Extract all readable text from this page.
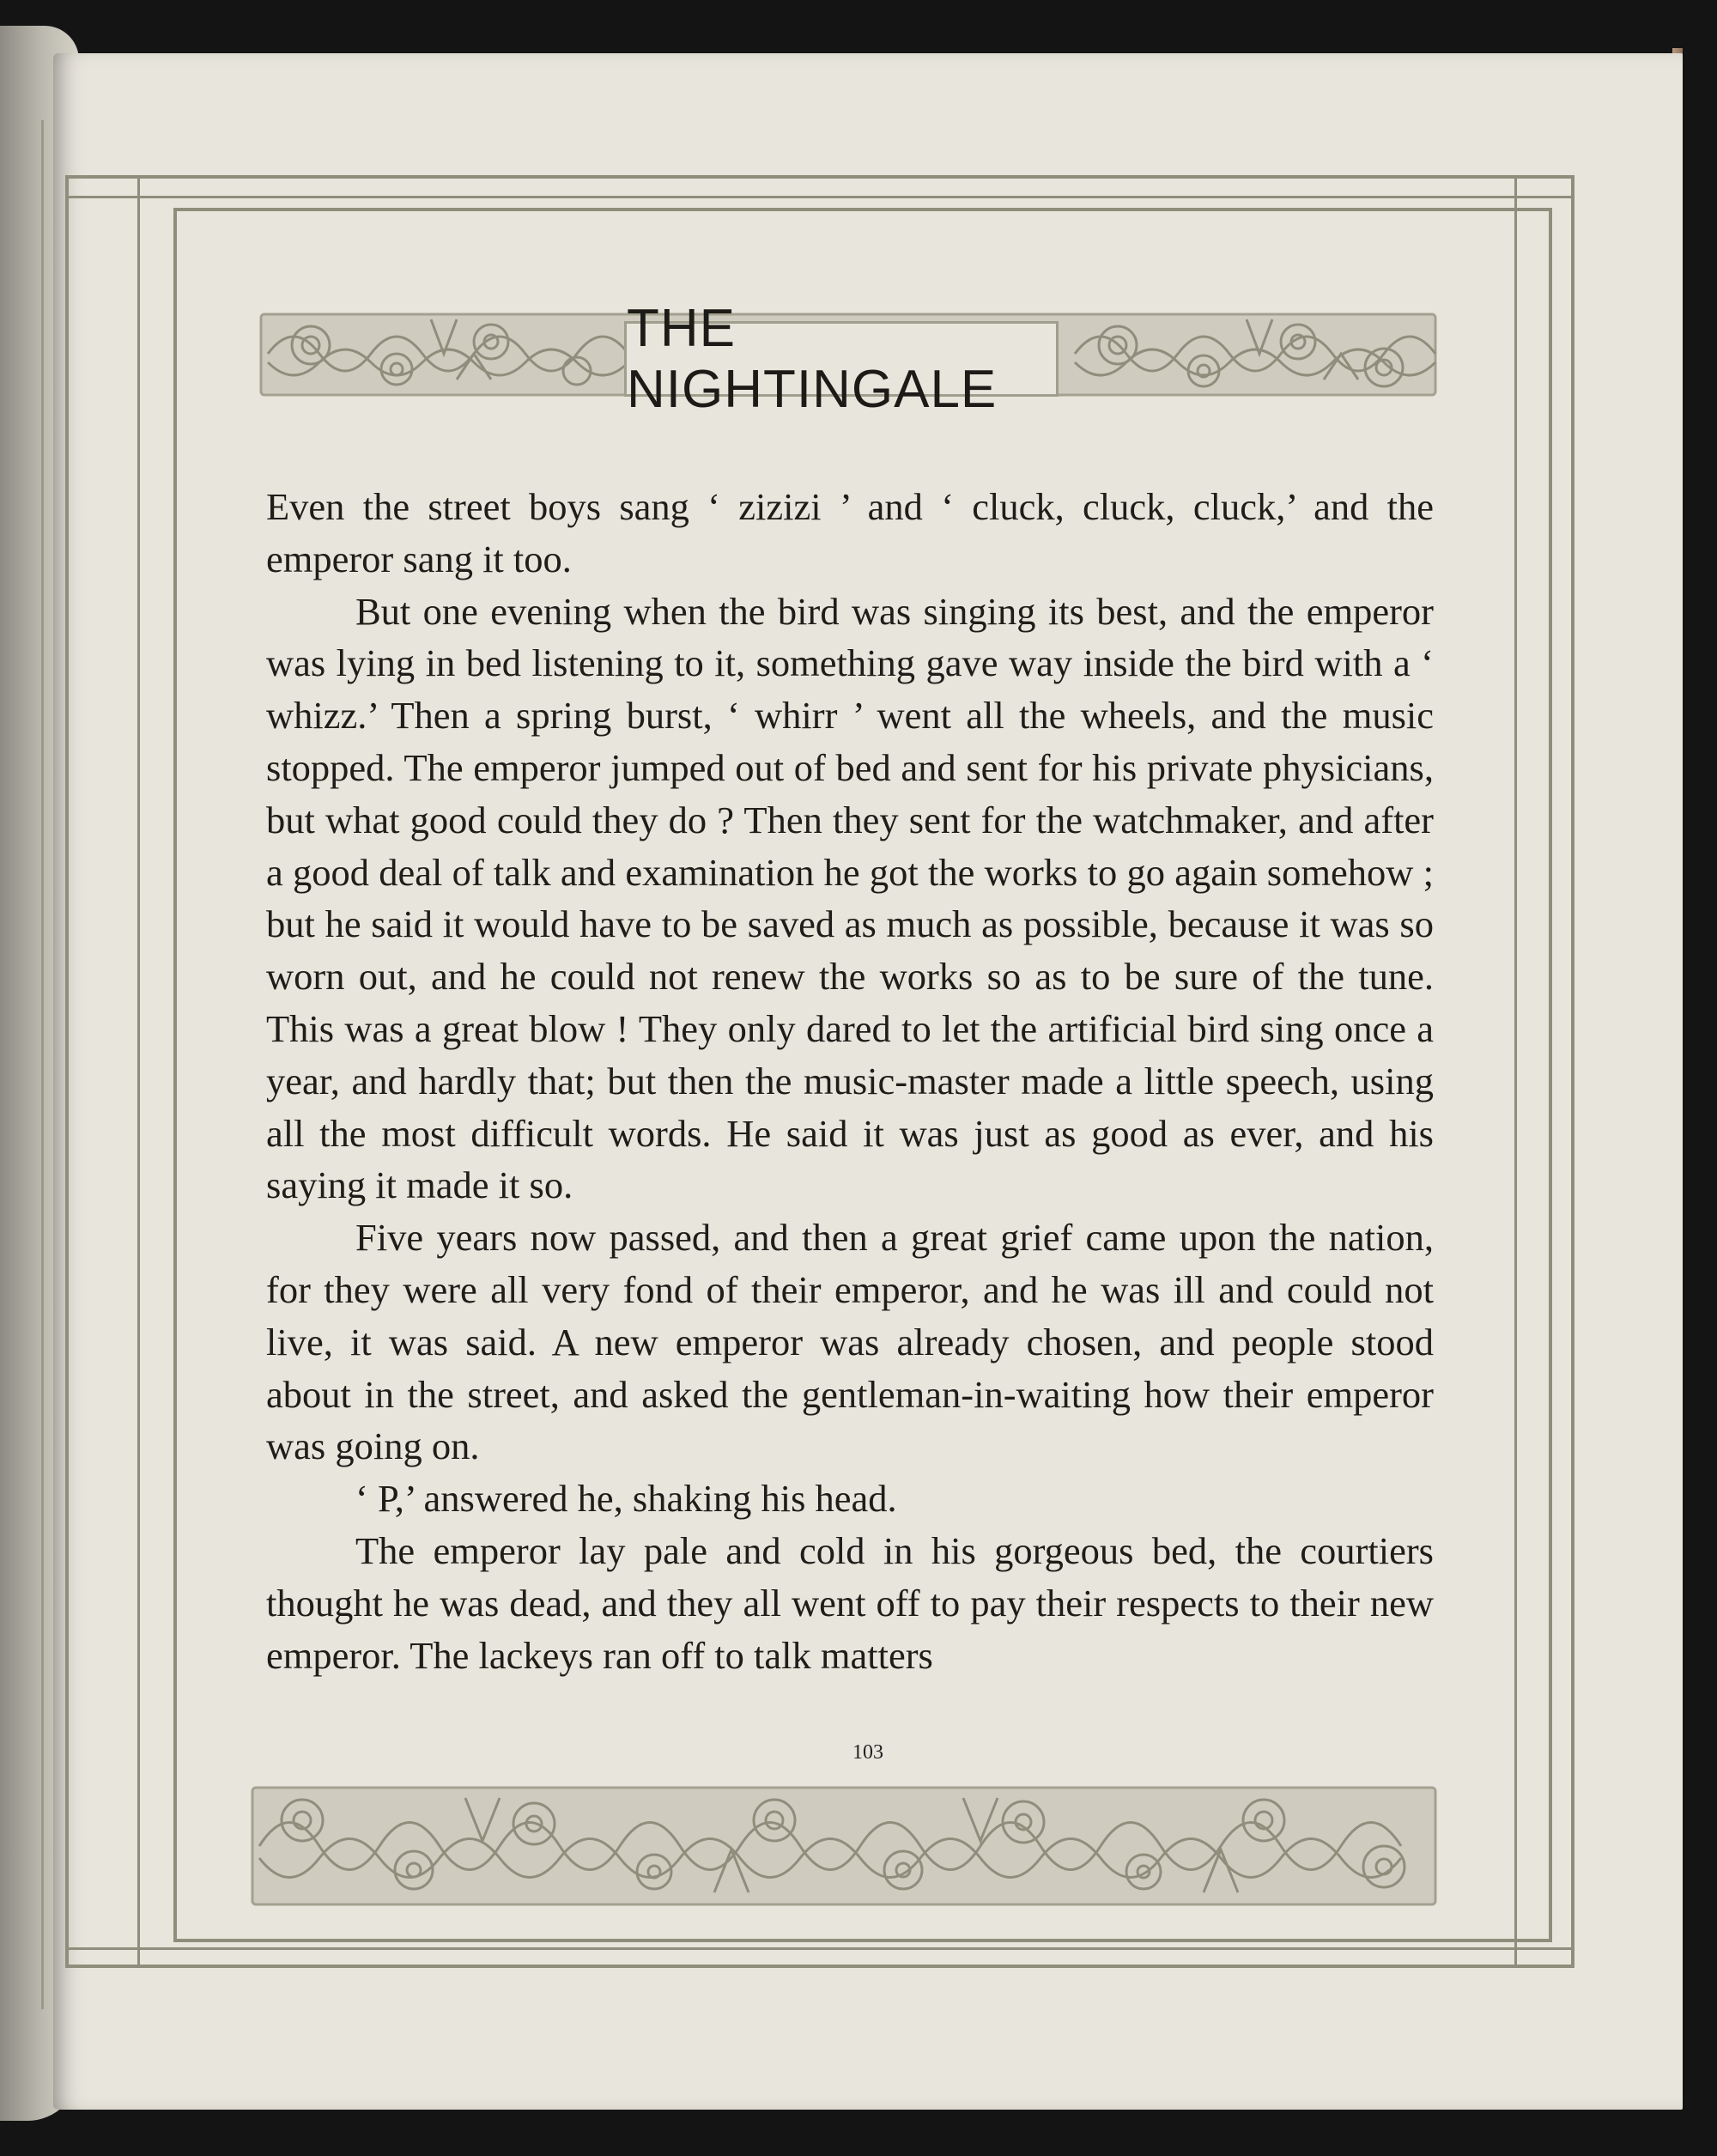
THE NIGHTINGALE

Even the street boys sang ‘ zizizi ’ and ‘ cluck, cluck, cluck,’ and the emperor sang it too.

But one evening when the bird was singing its best, and the emperor was lying in bed listening to it, something gave way inside the bird with a ‘ whizz.’ Then a spring burst, ‘ whirr ’ went all the wheels, and the music stopped. The emperor jumped out of bed and sent for his private physicians, but what good could they do ? Then they sent for the watchmaker, and after a good deal of talk and examination he got the works to go again somehow ; but he said it would have to be saved as much as possible, because it was so worn out, and he could not renew the works so as to be sure of the tune. This was a great blow ! They only dared to let the artificial bird sing once a year, and hardly that; but then the music-master made a little speech, using all the most difficult words. He said it was just as good as ever, and his saying it made it so.

Five years now passed, and then a great grief came upon the nation, for they were all very fond of their emperor, and he was ill and could not live, it was said. A new emperor was already chosen, and people stood about in the street, and asked the gentleman-in-waiting how their emperor was going on.

‘ P,’ answered he, shaking his head.

The emperor lay pale and cold in his gorgeous bed, the courtiers thought he was dead, and they all went off to pay their respects to their new emperor. The lackeys ran off to talk matters

103
